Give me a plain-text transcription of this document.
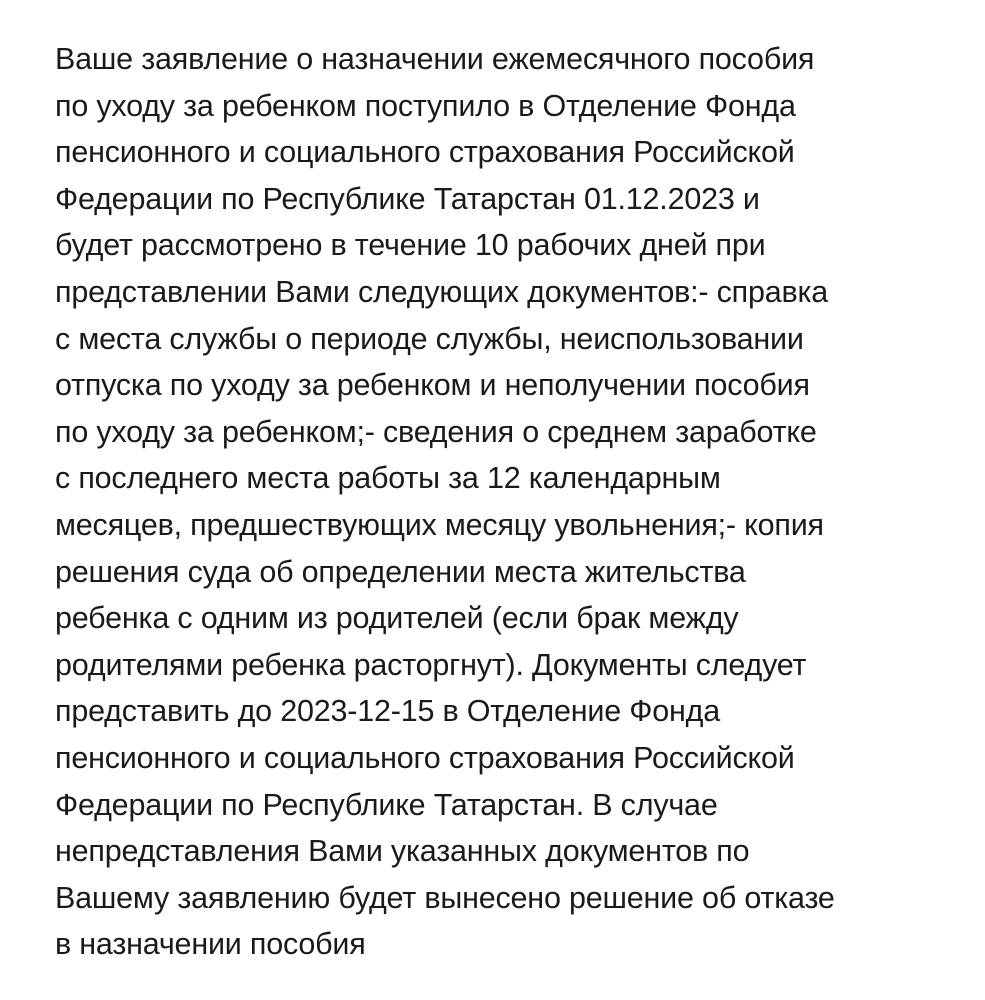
Ваше заявление о назначении ежемесячного пособия
по уходу за ребенком поступило в Отделение Фонда
пенсионного и социального страхования Российской
Федерации по Республике Татарстан 01.12.2023 и
будет рассмотрено в течение 10 рабочих дней при
представлении Вами следующих документов:- справка
с места службы о периоде службы, неиспользовании
отпуска по уходу за ребенком и неполучении пособия
по уходу за ребенком;- сведения о среднем заработке
с последнего места работы за 12 календарным
месяцев, предшествующих месяцу увольнения;- копия
решения суда об определении места жительства
ребенка с одним из родителей (если брак между
родителями ребенка расторгнут). Документы следует
представить до 2023-12-15 в Отделение Фонда
пенсионного и социального страхования Российской
Федерации по Республике Татарстан. В случае
непредставления Вами указанных документов по
Вашему заявлению будет вынесено решение об отказе
в назначении пособия
